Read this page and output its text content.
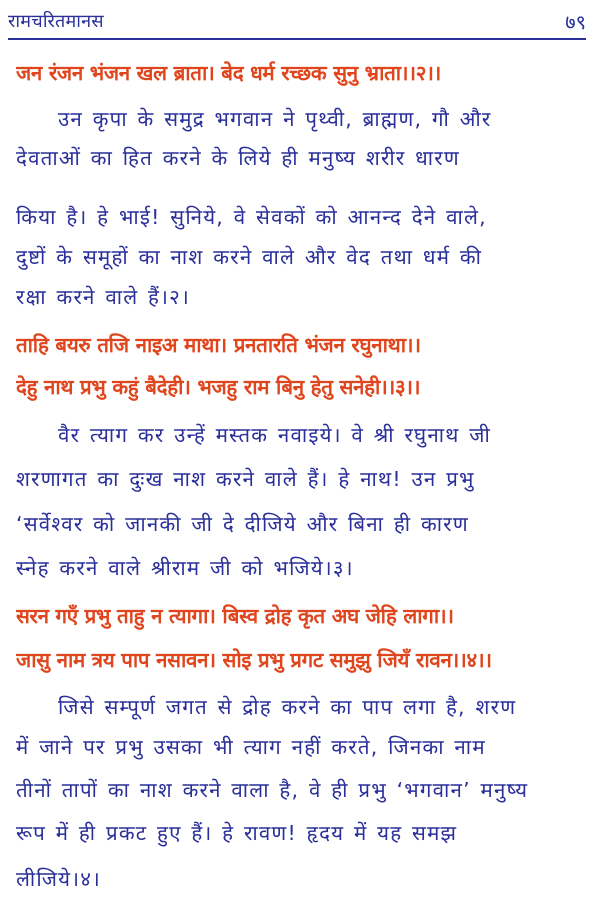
रामचरितमानस	७९
जन रंजन भंजन खल ब्राता। बेद धर्म रच्छक सुनु भ्राता।।२।।
उन कृपा के समुद्र भगवान ने पृथ्वी, ब्राह्मण, गौ और
देवताओं का हित करने के लिये ही मनुष्य शरीर धारण
किया है। हे भाई! सुनिये, वे सेवकों को आनन्द देने वाले,
दुष्टों के समूहों का नाश करने वाले और वेद तथा धर्म की
रक्षा करने वाले हैं।२।
ताहि बयरु तजि नाइअ माथा। प्रनतारति भंजन रघुनाथा।।
देहु नाथ प्रभु कहुं बैदेही। भजहु राम बिनु हेतु सनेही।।३।।
वैर त्याग कर उन्हें मस्तक नवाइये। वे श्री रघुनाथ जी
शरणागत का दुःख नाश करने वाले हैं। हे नाथ! उन प्रभु
‘सर्वेश्वर को जानकी जी दे दीजिये और बिना ही कारण
स्नेह करने वाले श्रीराम जी को भजिये।३।
सरन गएँ प्रभु ताहु न त्यागा। बिस्व द्रोह कृत अघ जेहि लागा।।
जासु नाम त्रय पाप नसावन। सोइ प्रभु प्रगट समुझु जियँ रावन।।४।।
जिसे सम्पूर्ण जगत से द्रोह करने का पाप लगा है, शरण
में जाने पर प्रभु उसका भी त्याग नहीं करते, जिनका नाम
तीनों तापों का नाश करने वाला है, वे ही प्रभु ‘भगवान’ मनुष्य
रूप में ही प्रकट हुए हैं। हे रावण! हृदय में यह समझ
लीजिये।४।
